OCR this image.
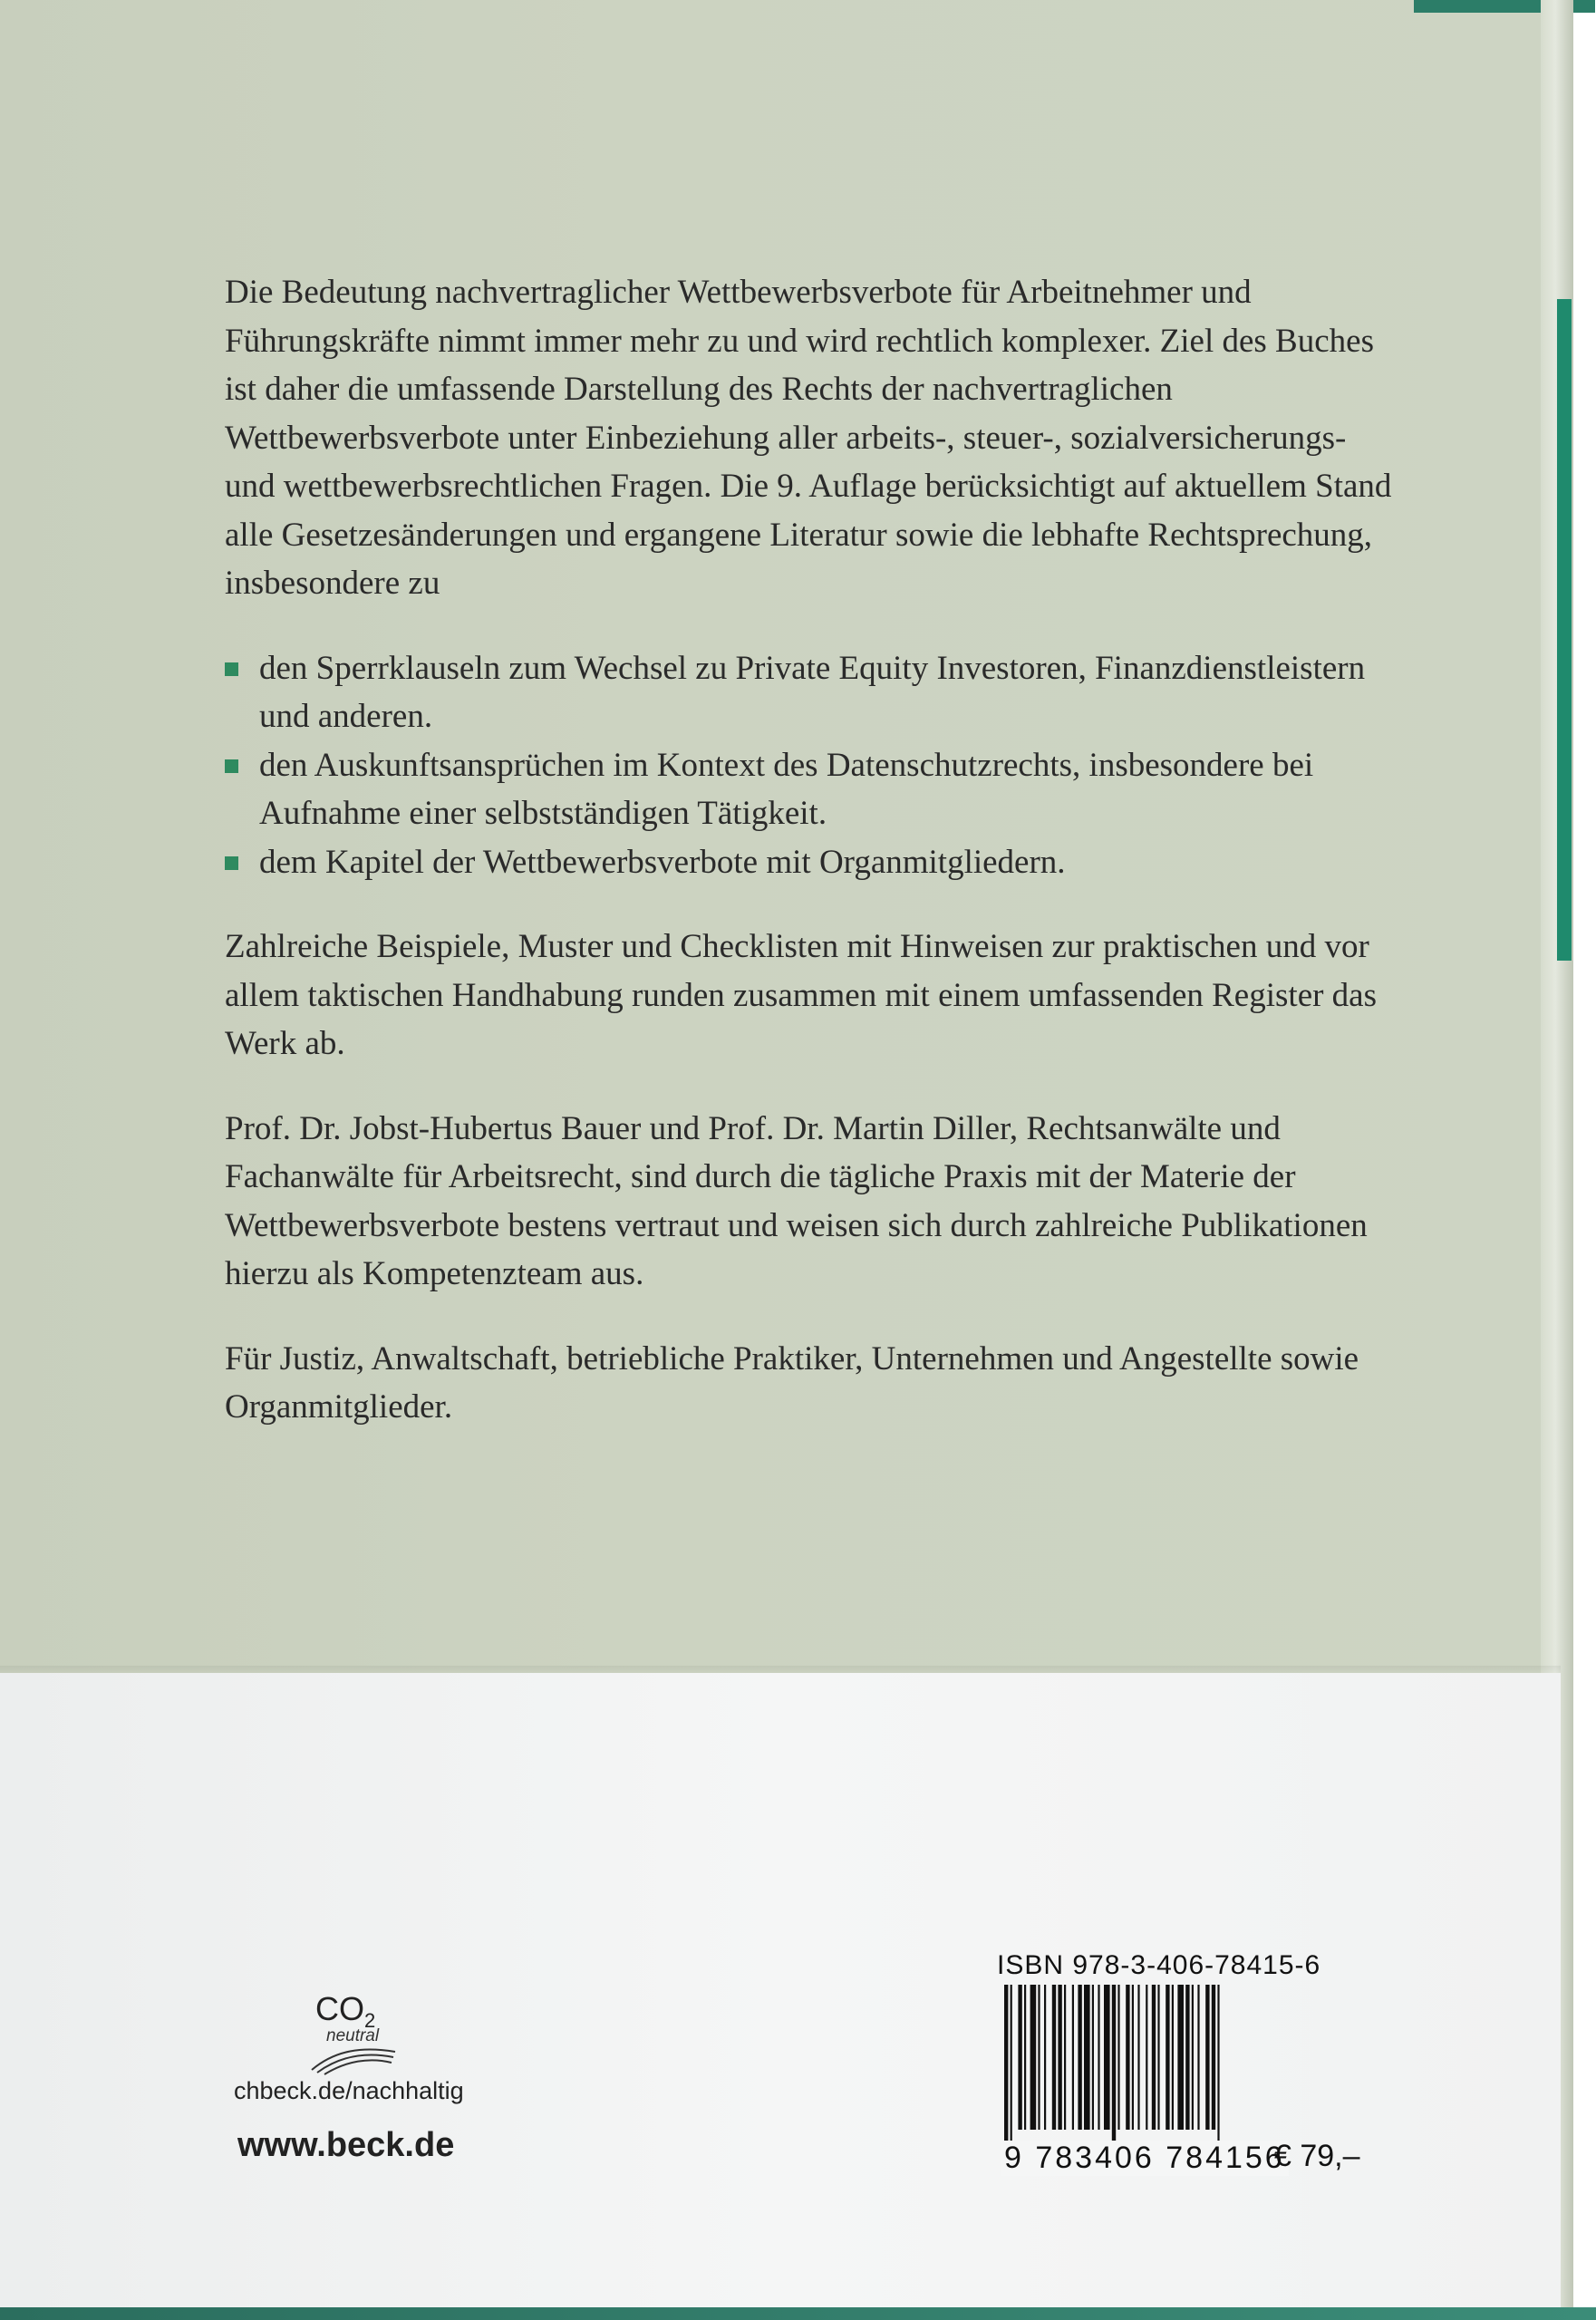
Die Bedeutung nachvertraglicher Wettbewerbsverbote für Arbeitnehmer und Führungskräfte nimmt immer mehr zu und wird rechtlich komplexer. Ziel des Buches ist daher die umfassende Darstellung des Rechts der nachvertraglichen Wettbewerbsverbote unter Einbeziehung aller arbeits-, steuer-, sozialversicherungs- und wettbewerbsrechtlichen Fragen. Die 9. Auflage berücksichtigt auf aktuellem Stand alle Gesetzesänderungen und ergangene Literatur sowie die lebhafte Rechtsprechung, insbesondere zu

den Sperrklauseln zum Wechsel zu Private Equity Investoren, Finanzdienstleistern und anderen.
den Auskunftsansprüchen im Kontext des Datenschutzrechts, insbesondere bei Aufnahme einer selbstständigen Tätigkeit.
dem Kapitel der Wettbewerbsverbote mit Organmitgliedern.

Zahlreiche Beispiele, Muster und Checklisten mit Hinweisen zur praktischen und vor allem taktischen Handhabung runden zusammen mit einem umfassenden Register das Werk ab.

Prof. Dr. Jobst-Hubertus Bauer und Prof. Dr. Martin Diller, Rechtsanwälte und Fachanwälte für Arbeitsrecht, sind durch die tägliche Praxis mit der Materie der Wettbewerbsverbote bestens vertraut und weisen sich durch zahlreiche Publikationen hierzu als Kompetenzteam aus.

Für Justiz, Anwaltschaft, betriebliche Praktiker, Unternehmen und Angestellte sowie Organmitglieder.

$CO_2$
neutral
chbeck.de/nachhaltig
www.beck.de
ISBN 978-3-406-78415-6
9 783406 784156
€ 79,–
